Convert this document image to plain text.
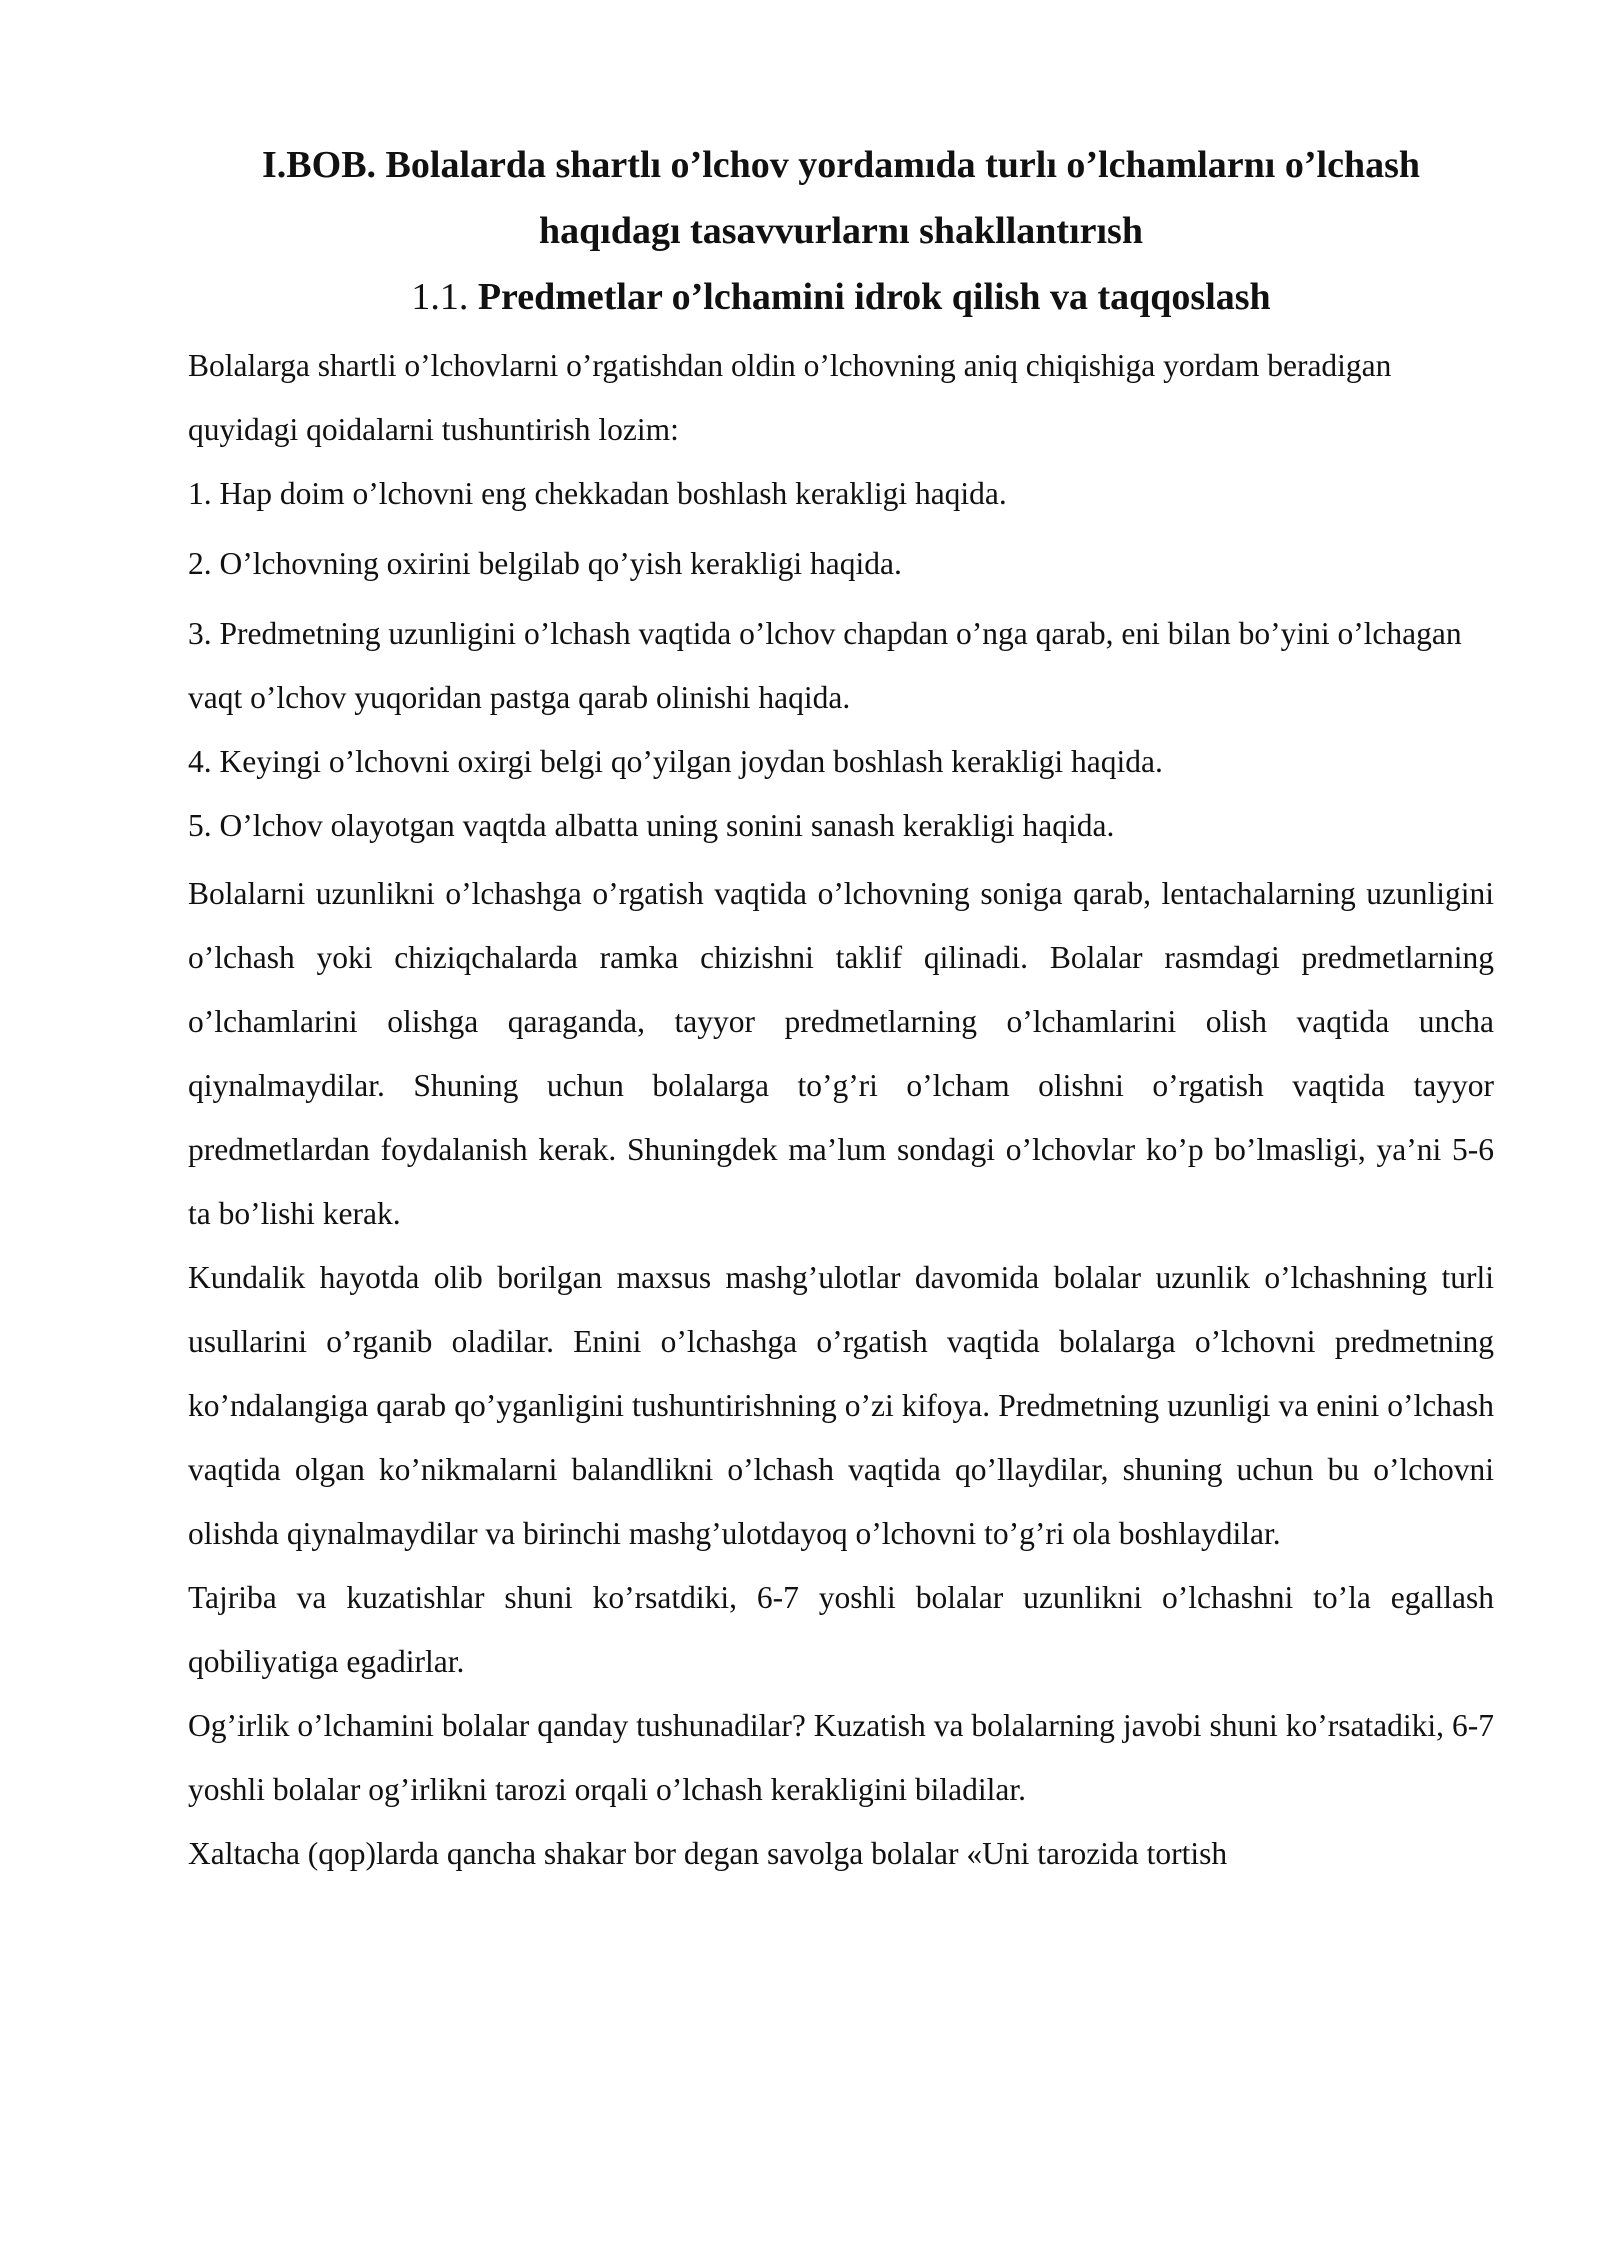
I.BOB. Bolalarda shartlı o’lchov yordamıda turlı o’lchamlarnı o’lchash
haqıdagı tasavvurlarnı shakllantırısh
1.1. Predmetlar o’lchamini idrok qilish va taqqoslash

Bolalarga shartli o’lchovlarni o’rgatishdan oldin o’lchovning aniq chiqishiga yordam beradigan quyidagi qoidalarni tushuntirish lozim:

1. Hap doim o’lchovni eng chekkadan boshlash kerakligi haqida.

2. O’lchovning oxirini belgilab qo’yish kerakligi haqida.

3. Predmetning uzunligini o’lchash vaqtida o’lchov chapdan o’nga qarab, eni bilan bo’yini o’lchagan vaqt o’lchov yuqoridan pastga qarab olinishi haqida.

4. Keyingi o’lchovni oxirgi belgi qo’yilgan joydan boshlash kerakligi haqida.

5. O’lchov olayotgan vaqtda albatta uning sonini sanash kerakligi haqida.

Bolalarni uzunlikni o’lchashga o’rgatish vaqtida o’lchovning soniga qarab, lentachalarning uzunligini o’lchash yoki chiziqchalarda ramka chizishni taklif qilinadi. Bolalar rasmdagi predmetlarning o’lchamlarini olishga qaraganda, tayyor predmetlarning o’lchamlarini olish vaqtida uncha qiynalmaydilar. Shuning uchun bolalarga to’g’ri o’lcham olishni o’rgatish vaqtida tayyor predmetlardan foydalanish kerak. Shuningdek ma’lum sondagi o’lchovlar ko’p bo’lmasligi, ya’ni 5-6 ta bo’lishi kerak.

Kundalik hayotda olib borilgan maxsus mashg’ulotlar davomida bolalar uzunlik o’lchashning turli usullarini o’rganib oladilar. Enini o’lchashga o’rgatish vaqtida bolalarga o’lchovni predmetning ko’ndalangiga qarab qo’yganligini tushuntirishning o’zi kifoya. Predmetning uzunligi va enini o’lchash vaqtida olgan ko’nikmalarni balandlikni o’lchash vaqtida qo’llaydilar, shuning uchun bu o’lchovni olishda qiynalmaydilar va birinchi mashg’ulotdayoq o’lchovni to’g’ri ola boshlaydilar.

Tajriba va kuzatishlar shuni ko’rsatdiki, 6-7 yoshli bolalar uzunlikni o’lchashni to’la egallash qobiliyatiga egadirlar.

Og’irlik o’lchamini bolalar qanday tushunadilar? Kuzatish va bolalarning javobi shuni ko’rsatadiki, 6-7 yoshli bolalar og’irlikni tarozi orqali o’lchash kerakligini biladilar.

Xaltacha (qop)larda qancha shakar bor degan savolga bolalar «Uni tarozida tortish
